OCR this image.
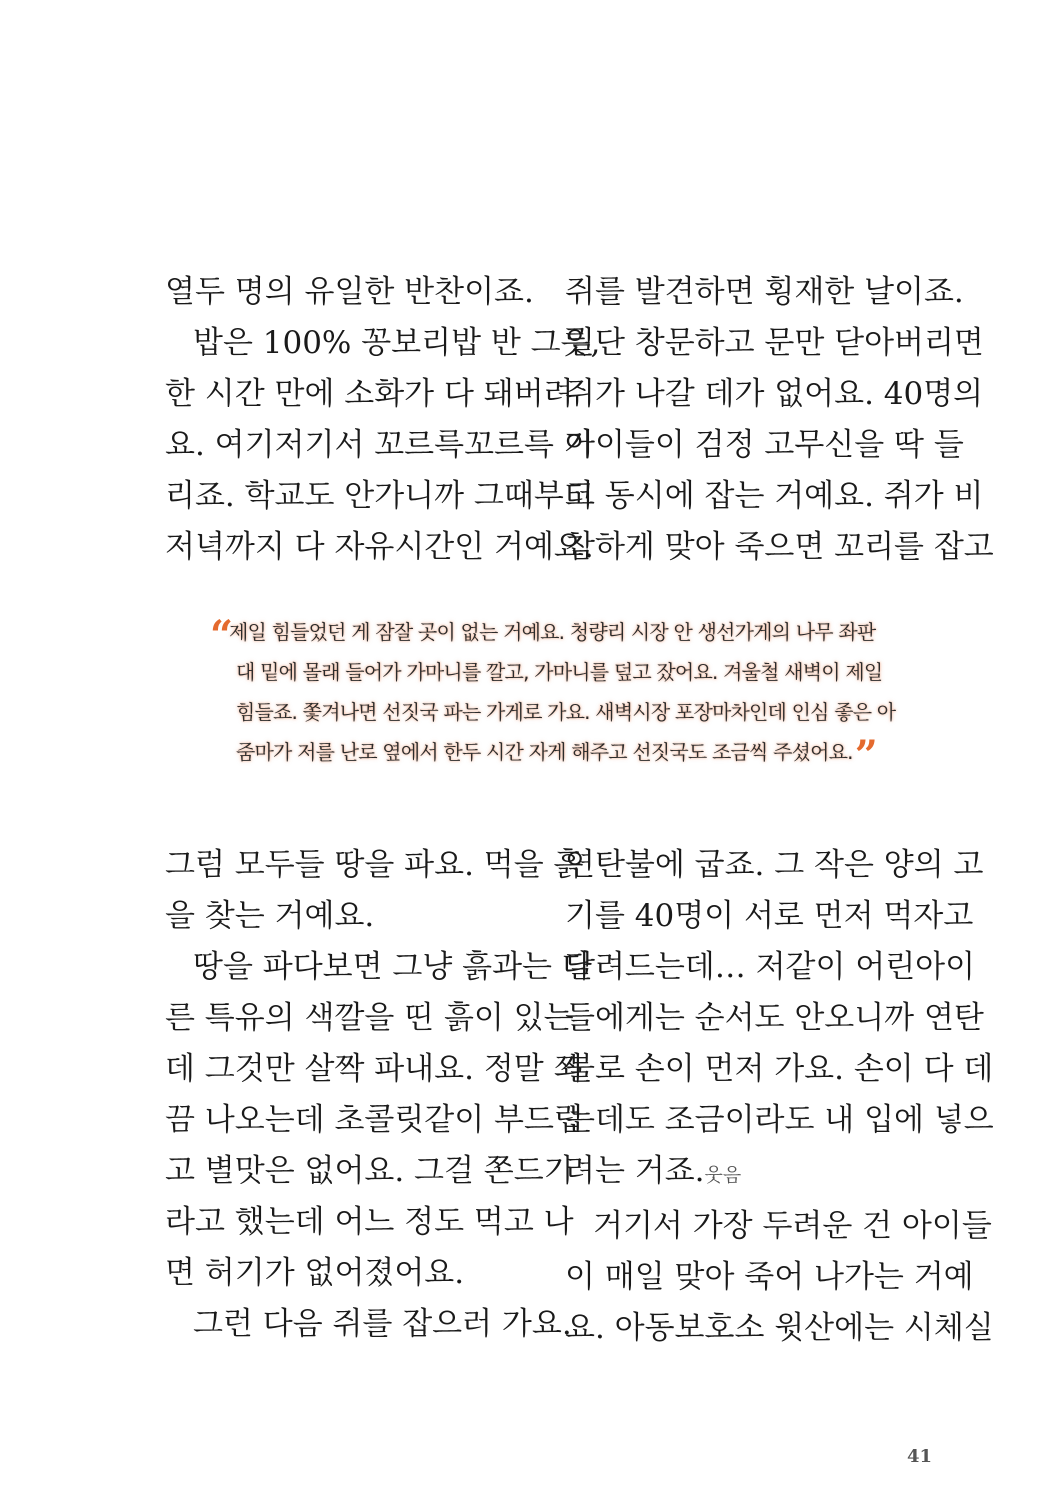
열두 명의 유일한 반찬이죠.

밥은 100% 꽁보리밥 반 그릇,
한 시간 만에 소화가 다 돼버려
요. 여기저기서 꼬르륵꼬르륵 거
리죠. 학교도 안가니까 그때부터
저녁까지 다 자유시간인 거예요.

쥐를 발견하면 횡재한 날이죠.
일단 창문하고 문만 닫아버리면
쥐가 나갈 데가 없어요. 40명의
아이들이 검정 고무신을 딱 들
고 동시에 잡는 거예요. 쥐가 비
참하게 맞아 죽으면 꼬리를 잡고

“제일 힘들었던 게 잠잘 곳이 없는 거예요. 청량리 시장 안 생선가게의 나무 좌판
대 밑에 몰래 들어가 가마니를 깔고, 가마니를 덮고 잤어요. 겨울철 새벽이 제일
힘들죠. 쫓겨나면 선짓국 파는 가게로 가요. 새벽시장 포장마차인데 인심 좋은 아
줌마가 저를 난로 옆에서 한두 시간 자게 해주고 선짓국도 조금씩 주셨어요.”

그럼 모두들 땅을 파요. 먹을 흙
을 찾는 거예요.

땅을 파다보면 그냥 흙과는 다
른 특유의 색깔을 띤 흙이 있는
데 그것만 살짝 파내요. 정말 쬐
끔 나오는데 초콜릿같이 부드럽
고 별맛은 없어요. 그걸 쫀드기
라고 했는데 어느 정도 먹고 나
면 허기가 없어졌어요.

그런 다음 쥐를 잡으러 가요.

연탄불에 굽죠. 그 작은 양의 고
기를 40명이 서로 먼저 먹자고
달려드는데… 저같이 어린아이
들에게는 순서도 안오니까 연탄
불로 손이 먼저 가요. 손이 다 데
는데도 조금이라도 내 입에 넣으
려는 거죠.웃음

거기서 가장 두려운 건 아이들
이 매일 맞아 죽어 나가는 거예
요. 아동보호소 윗산에는 시체실

41
